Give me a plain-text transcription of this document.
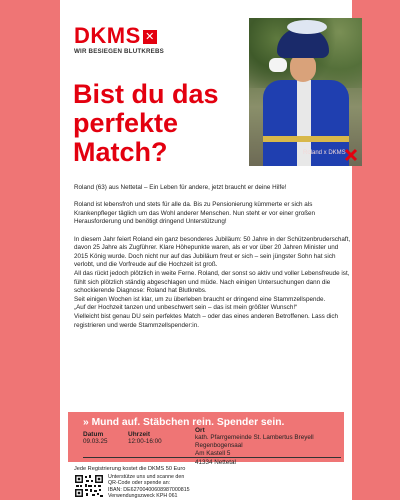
DKMS ✕
WIR BESIEGEN BLUTKREBS
Bist du das
perfekte
Match?	Roland x DKMS

Roland (63) aus Nettetal – Ein Leben für andere, jetzt braucht er deine Hilfe!

Roland ist lebensfroh und stets für alle da. Bis zu Pensionierung kümmerte er sich als Krankenpfleger täglich um das Wohl anderer Menschen. Nun steht er vor einer großen Herausforderung und benötigt dringend Unterstützung!

In diesem Jahr feiert Roland ein ganz besonderes Jubiläum: 50 Jahre in der Schützenbruderschaft, davon 25 Jahre als Zugführer. Klare Höhepunkte waren, als er vor über 20 Jahren Minister und 2015 König wurde. Doch nicht nur auf das Jubiläum freut er sich – sein jüngster Sohn hat sich verlobt, und die Vorfreude auf die Hochzeit ist groß.

All das rückt jedoch plötzlich in weite Ferne. Roland, der sonst so aktiv und voller Lebensfreude ist, fühlt sich plötzlich ständig abgeschlagen und müde. Nach einigen Untersuchungen dann die schockierende Diagnose: Roland hat Blutkrebs.

Seit einigen Wochen ist klar, um zu überleben braucht er dringend eine Stammzellspende.

„Auf der Hochzeit tanzen und unbeschwert sein – das ist mein größter Wunsch!“

Vielleicht bist genau DU sein perfektes Match – oder das eines anderen Betroffenen. Lass dich registrieren und werde Stammzellspender:in.

» Mund auf. Stäbchen rein. Spender sein.
Datum
09.03.25
Uhrzeit
12:00-16:00
Ort
kath. Pfarrgemeinde St. Lambertus Breyell
Regenbogensaal
Am Kastell 5
41334 Nettetal
Jede Registrierung kostet die DKMS 50 Euro
Unterstütze uns und scanne den
QR-Code oder spende an:
IBAN: DE62700400608987000815
Verwendungszweck KPH 061
